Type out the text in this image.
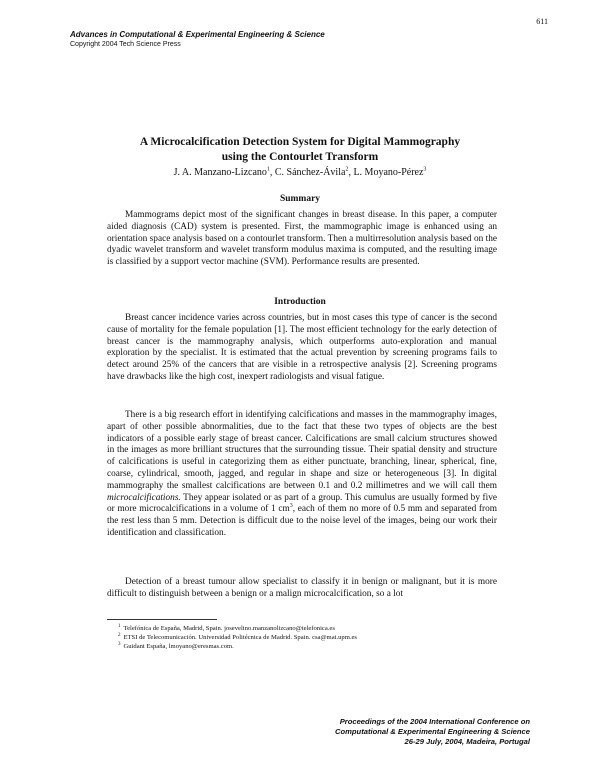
611
Advances in Computational & Experimental Engineering & Science
Copyright 2004 Tech Science Press
A Microcalcification Detection System for Digital Mammography
using the Contourlet Transform
J. A. Manzano-Lizcano$^1$, C. Sánchez-Ávila$^2$, L. Moyano-Pérez$^3$
Summary

Mammograms depict most of the significant changes in breast disease. In this paper, a computer aided diagnosis (CAD) system is presented. First, the mammographic image is enhanced using an orientation space analysis based on a contourlet transform. Then a multirresolution analysis based on the dyadic wavelet transform and wavelet transform modulus maxima is computed, and the resulting image is classified by a support vector machine (SVM). Performance results are presented.

Introduction

Breast cancer incidence varies across countries, but in most cases this type of cancer is the second cause of mortality for the female population [1]. The most efficient technology for the early detection of breast cancer is the mammography analysis, which outperforms auto-exploration and manual exploration by the specialist. It is estimated that the actual prevention by screening programs fails to detect around 25% of the cancers that are visible in a retrospective analysis [2]. Screening programs have drawbacks like the high cost, inexpert radiologists and visual fatigue.

There is a big research effort in identifying calcifications and masses in the mammography images, apart of other possible abnormalities, due to the fact that these two types of objects are the best indicators of a possible early stage of breast cancer. Calcifications are small calcium structures showed in the images as more brilliant structures that the surrounding tissue. Their spatial density and structure of calcifications is useful in categorizing them as either punctuate, branching, linear, spherical, fine, coarse, cylindrical, smooth, jagged, and regular in shape and size or heterogeneous [3]. In digital mammography the smallest calcifications are between 0.1 and 0.2 millimetres and we will call them microcalcifications. They appear isolated or as part of a group. This cumulus are usually formed by five or more microcalcifications in a volume of 1 $cm^3$, each of them no more of 0.5 mm and separated from the rest less than 5 mm. Detection is difficult due to the noise level of the images, being our work their identification and classification.

Detection of a breast tumour allow specialist to classify it in benign or malignant, but it is more difficult to distinguish between a benign or a malign microcalcification, so a lot

$^1$ Telefónica de España, Madrid, Spain. josevelino.manzanolizcano@telefonica.es
$^2$ ETSI de Telecomunicación. Universidad Politécnica de Madrid. Spain. csa@mat.upm.es
$^3$ Guidant España, lmoyano@eresmas.com.
Proceedings of the 2004 International Conference on
Computational & Experimental Engineering & Science
26-29 July, 2004, Madeira, Portugal
